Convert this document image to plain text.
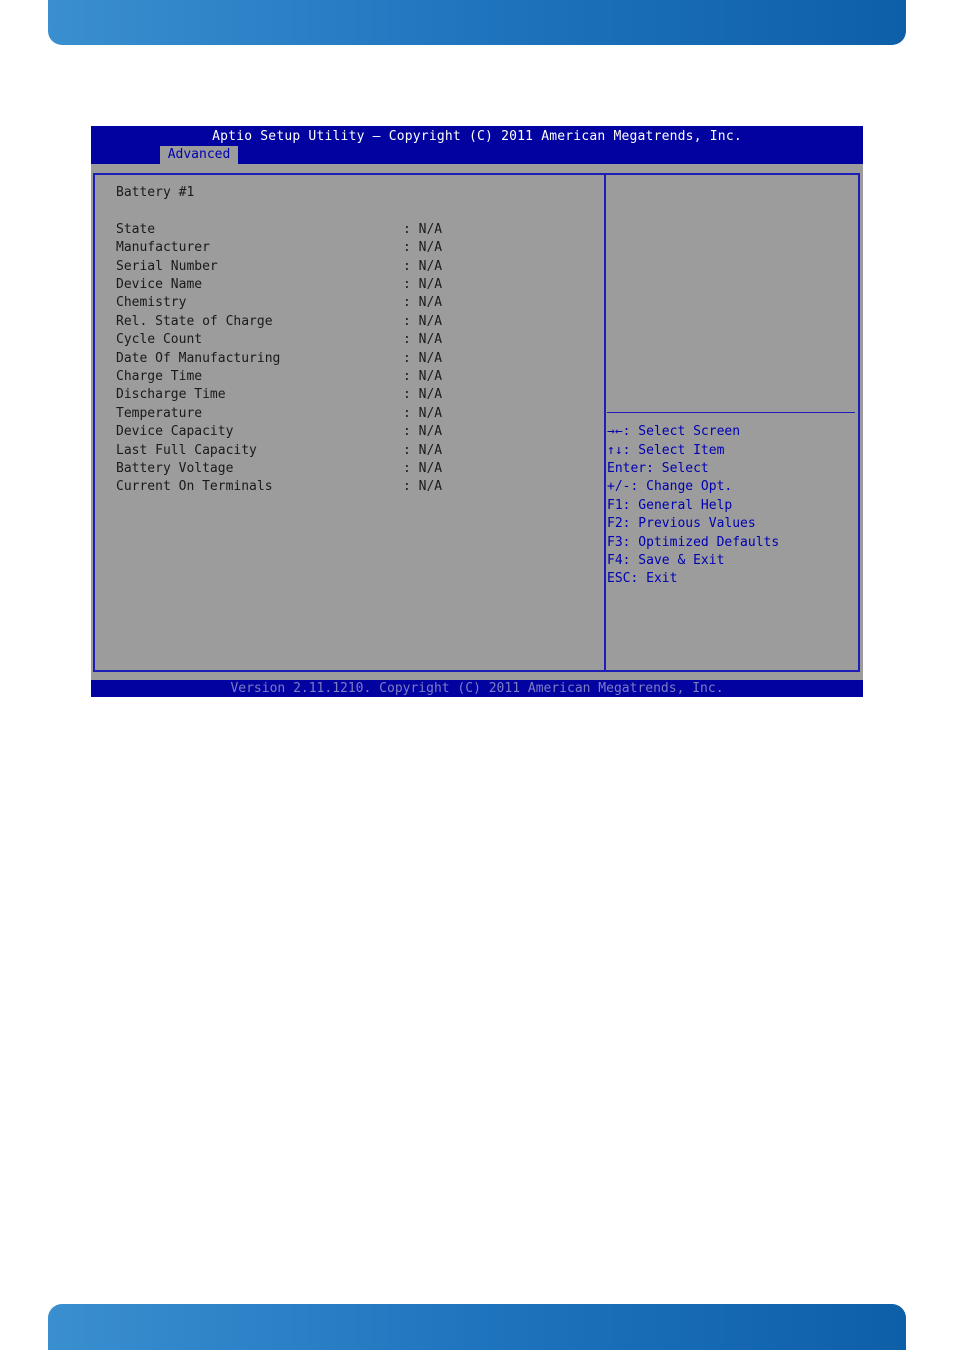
Aptio Setup Utility – Copyright (C) 2011 American Megatrends, Inc.
Advanced
Battery #1
State	: N/A
Manufacturer	: N/A
Serial Number	: N/A
Device Name	: N/A
Chemistry	: N/A
Rel. State of Charge	: N/A
Cycle Count	: N/A
Date Of Manufacturing	: N/A
Charge Time	: N/A
Discharge Time	: N/A
Temperature	: N/A
Device Capacity	: N/A
Last Full Capacity	: N/A
Battery Voltage	: N/A
Current On Terminals	: N/A
→←: Select Screen
↑↓: Select Item
Enter: Select
+/-: Change Opt.
F1: General Help
F2: Previous Values
F3: Optimized Defaults
F4: Save & Exit
ESC: Exit
Version 2.11.1210. Copyright (C) 2011 American Megatrends, Inc.
